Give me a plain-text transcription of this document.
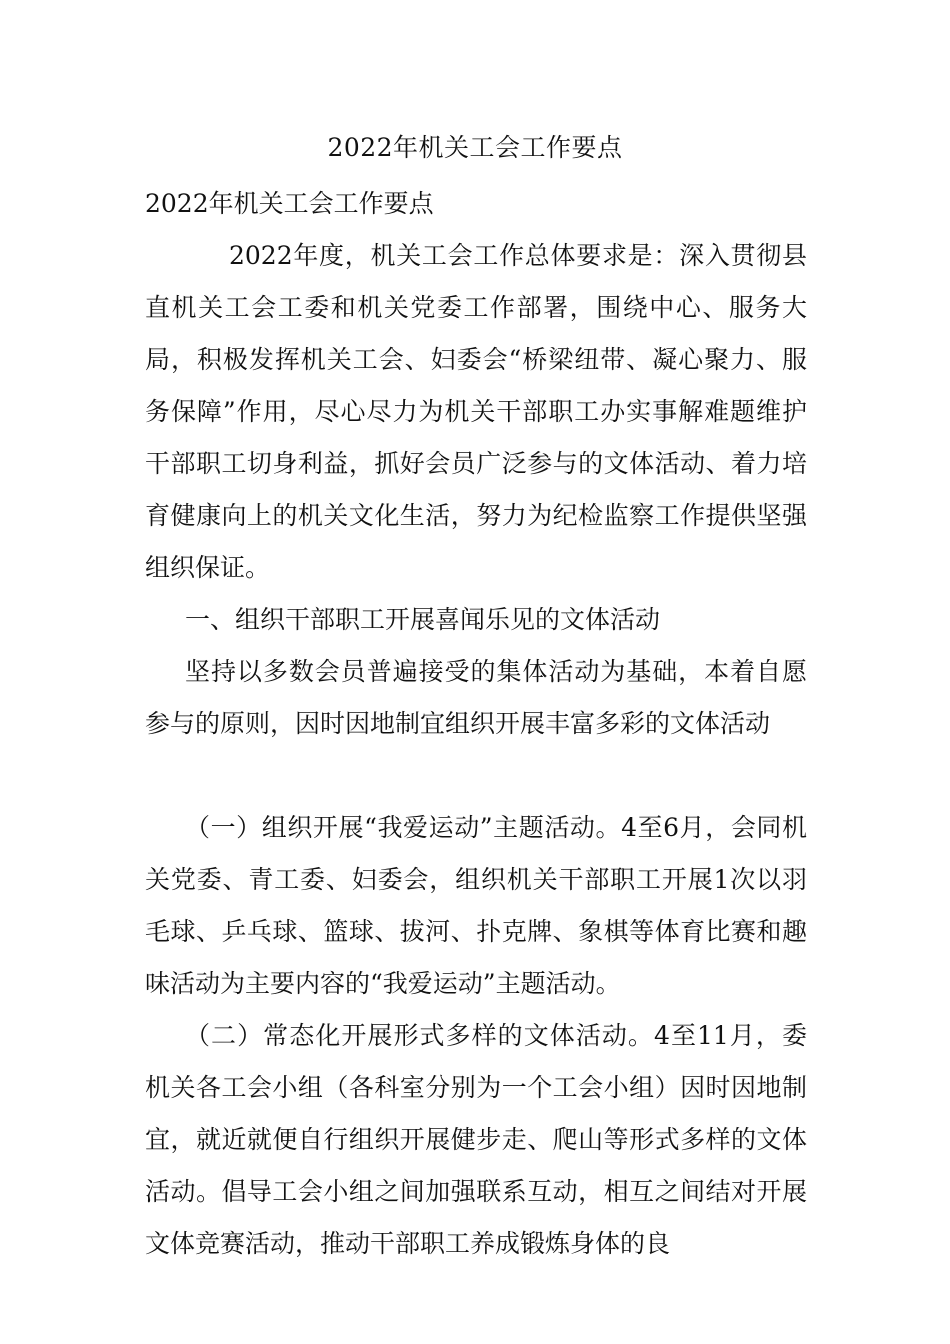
2022年机关工会工作要点

2022年机关工会工作要点

2022年度，机关工会工作总体要求是：深入贯彻县直机关工会工委和机关党委工作部署，围绕中心、服务大局，积极发挥机关工会、妇委会“桥梁纽带、凝心聚力、服务保障”作用，尽心尽力为机关干部职工办实事解难题维护干部职工切身利益，抓好会员广泛参与的文体活动、着力培育健康向上的机关文化生活，努力为纪检监察工作提供坚强组织保证。

一、组织干部职工开展喜闻乐见的文体活动

坚持以多数会员普遍接受的集体活动为基础，本着自愿参与的原则，因时因地制宜组织开展丰富多彩的文体活动

（一）组织开展“我爱运动”主题活动。4至6月，会同机关党委、青工委、妇委会，组织机关干部职工开展1次以羽毛球、乒乓球、篮球、拔河、扑克牌、象棋等体育比赛和趣味活动为主要内容的“我爱运动”主题活动。

（二）常态化开展形式多样的文体活动。4至11月，委机关各工会小组（各科室分别为一个工会小组）因时因地制宜，就近就便自行组织开展健步走、爬山等形式多样的文体活动。倡导工会小组之间加强联系互动，相互之间结对开展文体竞赛活动，推动干部职工养成锻炼身体的良
